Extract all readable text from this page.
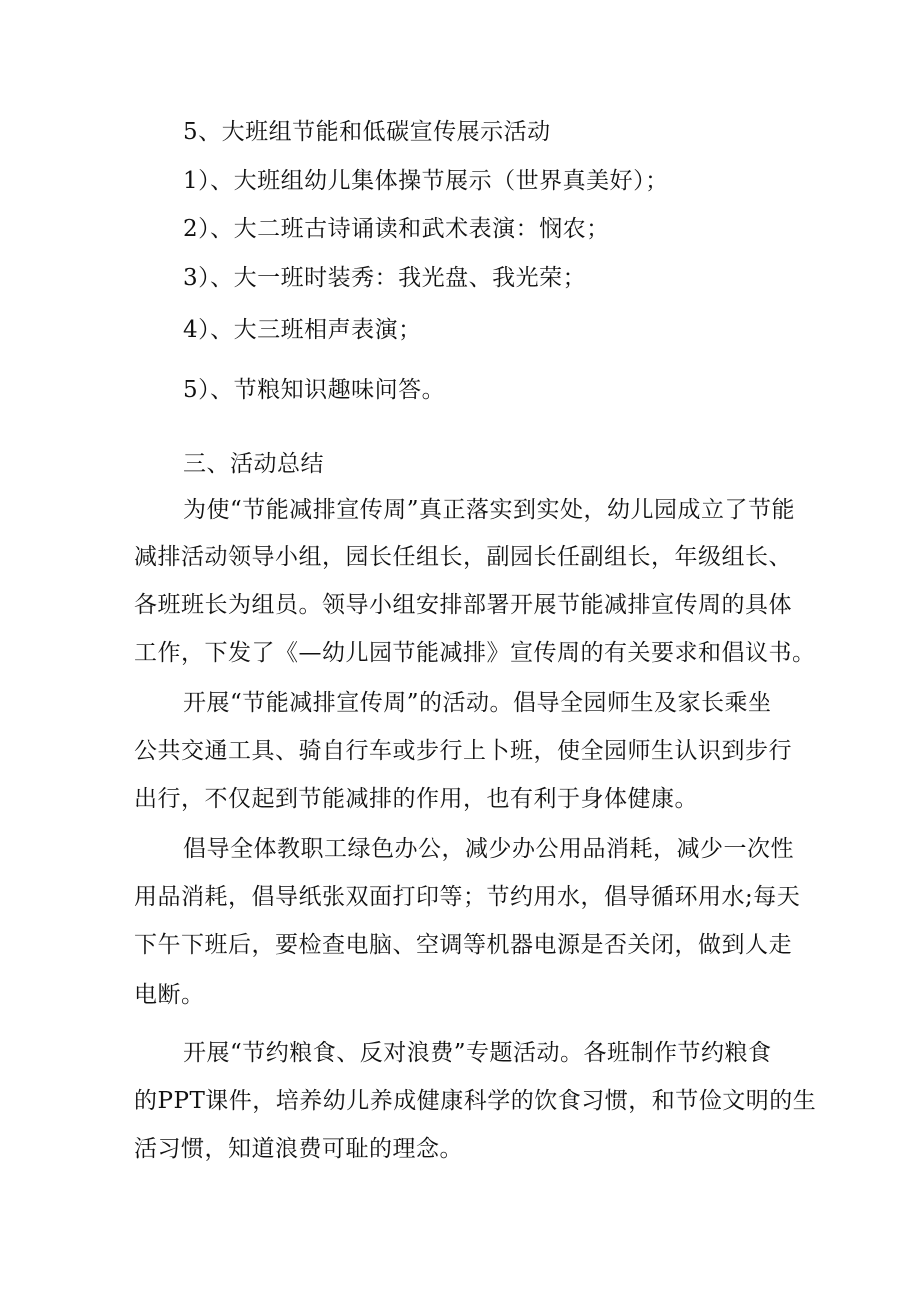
5、大班组节能和低碳宣传展示活动
1）、大班组幼儿集体操节展示（世界真美好）；
2）、大二班古诗诵读和武术表演：悯农；
3）、大一班时装秀：我光盘、我光荣；
4）、大三班相声表演；
5）、节粮知识趣味问答。
三、活动总结
为使“节能减排宣传周”真正落实到实处，幼儿园成立了节能
减排活动领导小组，园长任组长，副园长任副组长，年级组长、
各班班长为组员。领导小组安排部署开展节能减排宣传周的具体
工作，下发了《—幼儿园节能减排》宣传周的有关要求和倡议书。
开展“节能减排宣传周”的活动。倡导全园师生及家长乘坐
公共交通工具、骑自行车或步行上卜班，使全园师生认识到步行
出行，不仅起到节能减排的作用，也有利于身体健康。
倡导全体教职工绿色办公，减少办公用品消耗，减少一次性
用品消耗，倡导纸张双面打印等；节约用水，倡导循环用水;每天
下午下班后，要检查电脑、空调等机器电源是否关闭，做到人走
电断。
开展“节约粮食、反对浪费”专题活动。各班制作节约粮食
的PPT课件，培养幼儿养成健康科学的饮食习惯，和节俭文明的生
活习惯，知道浪费可耻的理念。
